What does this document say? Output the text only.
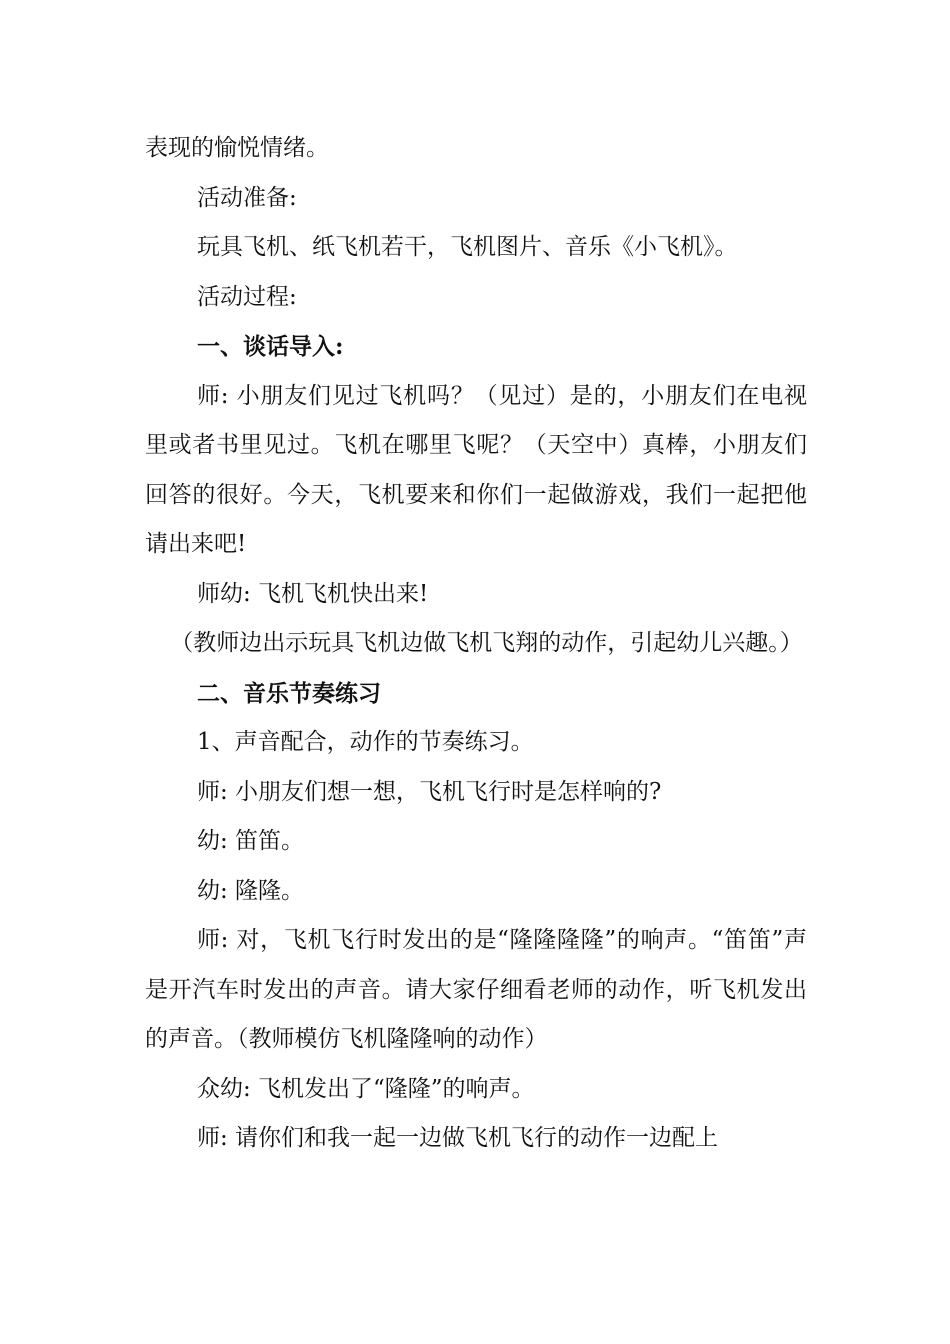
表现的愉悦情绪。

活动准备:

玩具飞机、纸飞机若干，飞机图片、音乐《小飞机》。

活动过程:

一、谈话导入:

师: 小朋友们见过飞机吗？（见过）是的，小朋友们在电视里或者书里见过。飞机在哪里飞呢？（天空中）真棒，小朋友们回答的很好。今天，飞机要来和你们一起做游戏，我们一起把他请出来吧!

师幼: 飞机飞机快出来!

（教师边出示玩具飞机边做飞机飞翔的动作，引起幼儿兴趣。）

二、音乐节奏练习

1、声音配合，动作的节奏练习。

师: 小朋友们想一想，飞机飞行时是怎样响的?

幼: 笛笛。

幼: 隆隆。

师: 对，飞机飞行时发出的是“隆隆隆隆”的响声。“笛笛”声是开汽车时发出的声音。请大家仔细看老师的动作，听飞机发出的声音。（教师模仿飞机隆隆响的动作）

众幼: 飞机发出了“隆隆”的响声。

师: 请你们和我一起一边做飞机飞行的动作一边配上
